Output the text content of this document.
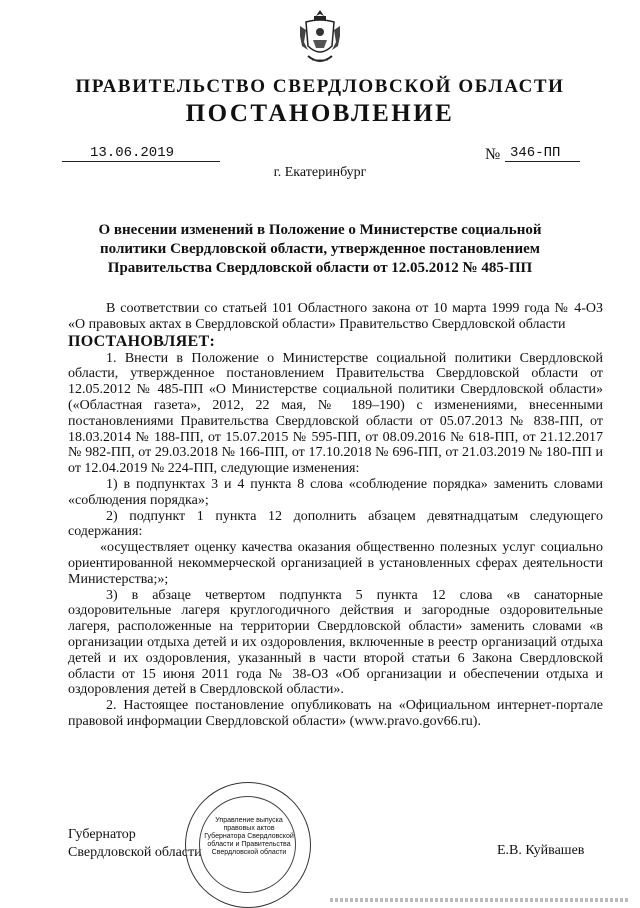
ПРАВИТЕЛЬСТВО СВЕРДЛОВСКОЙ ОБЛАСТИ
ПОСТАНОВЛЕНИЕ
13.06.2019	№ 346-ПП
г. Екатеринбург
О внесении изменений в Положение о Министерстве социальной политики Свердловской области, утвержденное постановлением Правительства Свердловской области от 12.05.2012 № 485-ПП

В соответствии со статьей 101 Областного закона от 10 марта 1999 года № 4-ОЗ «О правовых актах в Свердловской области» Правительство Свердловской области

ПОСТАНОВЛЯЕТ:

1. Внести в Положение о Министерстве социальной политики Свердловской области, утвержденное постановлением Правительства Свердловской области от 12.05.2012 № 485-ПП «О Министерстве социальной политики Свердловской области» («Областная газета», 2012, 22 мая, № 189–190) с изменениями, внесенными постановлениями Правительства Свердловской области от 05.07.2013 № 838-ПП, от 18.03.2014 № 188-ПП, от 15.07.2015 № 595-ПП, от 08.09.2016 № 618-ПП, от 21.12.2017 № 982-ПП, от 29.03.2018 № 166-ПП, от 17.10.2018 № 696-ПП, от 21.03.2019 № 180-ПП и от 12.04.2019 № 224-ПП, следующие изменения:

1) в подпунктах 3 и 4 пункта 8 слова «соблюдение порядка» заменить словами «соблюдения порядка»;

2) подпункт 1 пункта 12 дополнить абзацем девятнадцатым следующего содержания:

«осуществляет оценку качества оказания общественно полезных услуг социально ориентированной некоммерческой организацией в установленных сферах деятельности Министерства;»;

3) в абзаце четвертом подпункта 5 пункта 12 слова «в санаторные оздоровительные лагеря круглогодичного действия и загородные оздоровительные лагеря, расположенные на территории Свердловской области» заменить словами «в организации отдыха детей и их оздоровления, включенные в реестр организаций отдыха детей и их оздоровления, указанный в части второй статьи 6 Закона Свердловской области от 15 июня 2011 года № 38-ОЗ «Об организации и обеспечении отдыха и оздоровления детей в Свердловской области».

2. Настоящее постановление опубликовать на «Официальном интернет-портале правовой информации Свердловской области» (www.pravo.gov66.ru).

Губернатор
Свердловской области	Е.В. Куйвашев
Управление выпуска правовых актов Губернатора Свердловской области и Правительства Свердловской области
